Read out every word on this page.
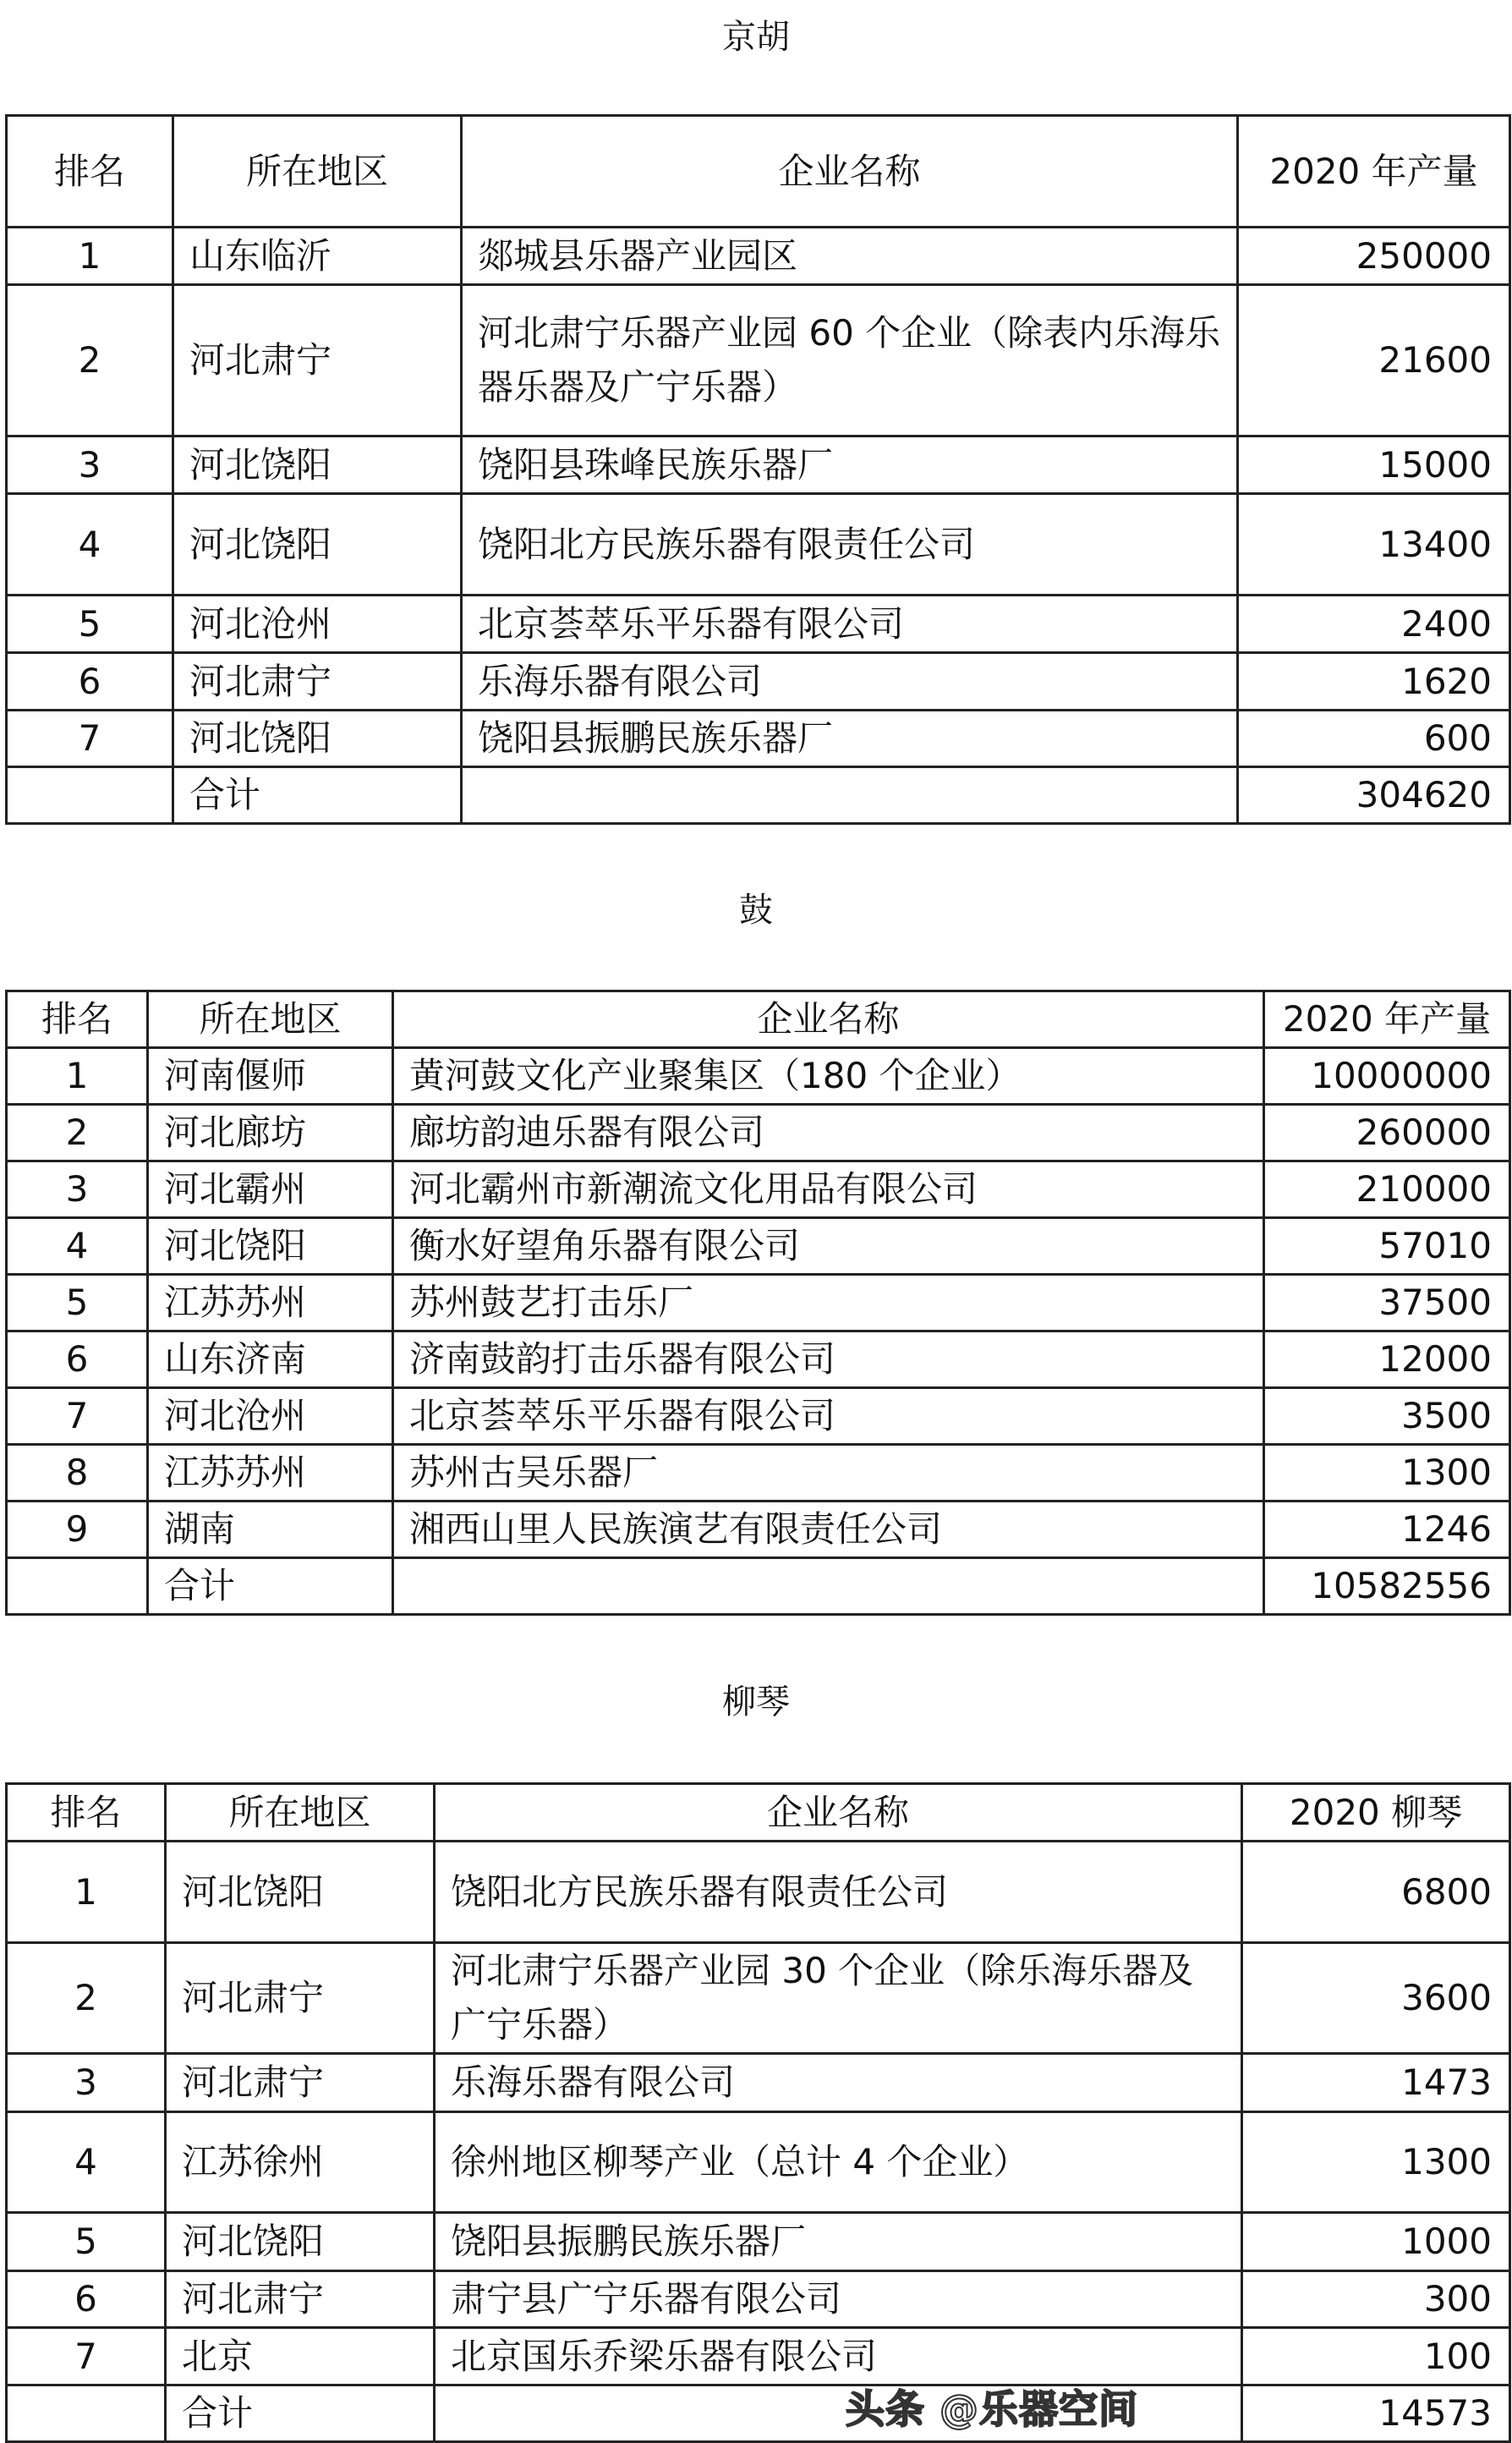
京胡
排名	所在地区	企业名称	2020 年产量
1	山东临沂	郯城县乐器产业园区	250000
2	河北肃宁	河北肃宁乐器产业园 60 个企业（除表内乐海乐器乐器及广宁乐器）	21600
3	河北饶阳	饶阳县珠峰民族乐器厂	15000
4	河北饶阳	饶阳北方民族乐器有限责任公司	13400
5	河北沧州	北京荟萃乐平乐器有限公司	2400
6	河北肃宁	乐海乐器有限公司	1620
7	河北饶阳	饶阳县振鹏民族乐器厂	600
	合计		304620
鼓
排名	所在地区	企业名称	2020 年产量
1	河南偃师	黄河鼓文化产业聚集区（180 个企业）	10000000
2	河北廊坊	廊坊韵迪乐器有限公司	260000
3	河北霸州	河北霸州市新潮流文化用品有限公司	210000
4	河北饶阳	衡水好望角乐器有限公司	57010
5	江苏苏州	苏州鼓艺打击乐厂	37500
6	山东济南	济南鼓韵打击乐器有限公司	12000
7	河北沧州	北京荟萃乐平乐器有限公司	3500
8	江苏苏州	苏州古吴乐器厂	1300
9	湖南	湘西山里人民族演艺有限责任公司	1246
	合计		10582556
柳琴
排名	所在地区	企业名称	2020 柳琴
1	河北饶阳	饶阳北方民族乐器有限责任公司	6800
2	河北肃宁	河北肃宁乐器产业园 30 个企业（除乐海乐器及广宁乐器）	3600
3	河北肃宁	乐海乐器有限公司	1473
4	江苏徐州	徐州地区柳琴产业（总计 4 个企业）	1300
5	河北饶阳	饶阳县振鹏民族乐器厂	1000
6	河北肃宁	肃宁县广宁乐器有限公司	300
7	北京	北京国乐乔梁乐器有限公司	100
	合计		14573
头条 @乐器空间
